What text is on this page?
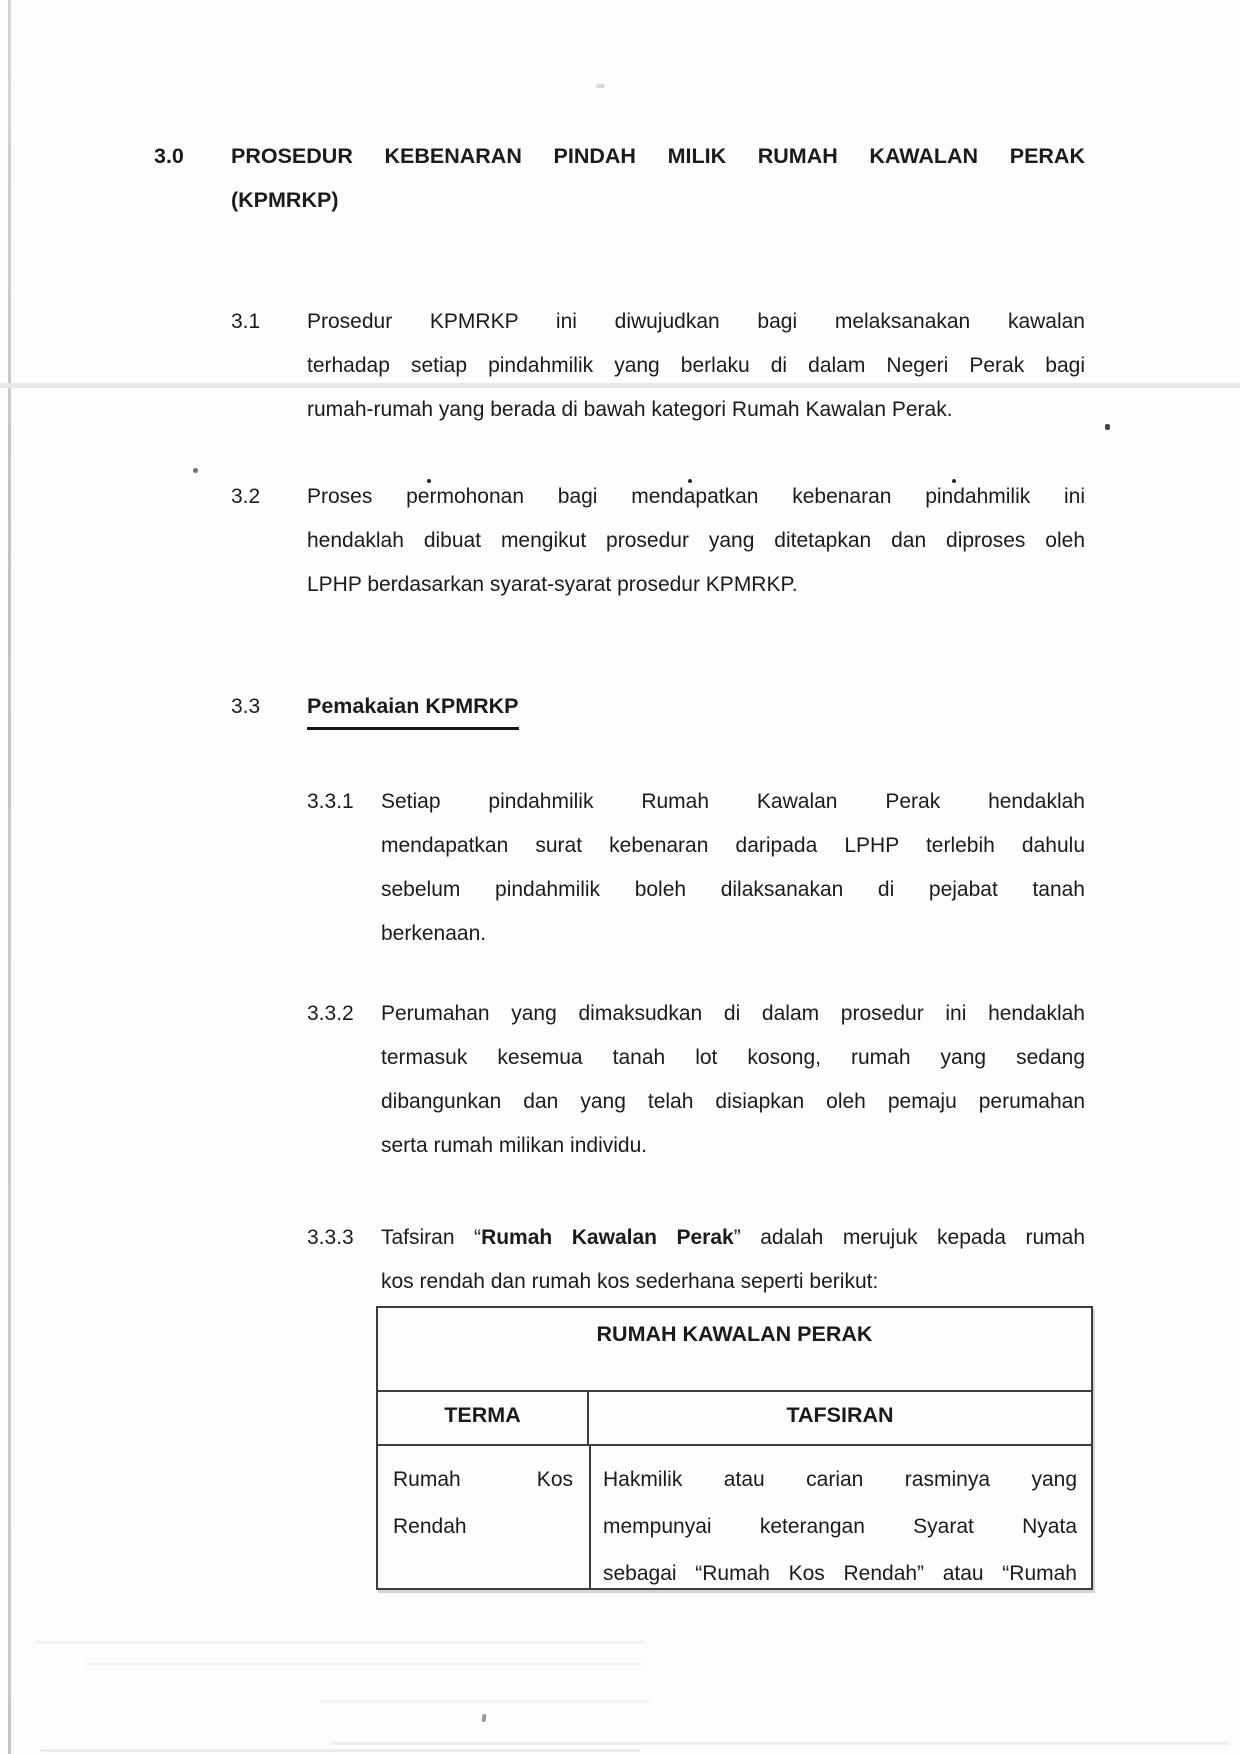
3.0 PROSEDUR KEBENARAN PINDAH MILIK RUMAH KAWALAN PERAK
(KPMRKP)
3.1 Prosedur KPMRKP ini diwujudkan bagi melaksanakan kawalan
terhadap setiap pindahmilik yang berlaku di dalam Negeri Perak bagi
rumah-rumah yang berada di bawah kategori Rumah Kawalan Perak.
3.2 Proses permohonan bagi mendapatkan kebenaran pindahmilik ini
hendaklah dibuat mengikut prosedur yang ditetapkan dan diproses oleh
LPHP berdasarkan syarat-syarat prosedur KPMRKP.
3.3 Pemakaian KPMRKP
3.3.1 Setiap pindahmilik Rumah Kawalan Perak hendaklah
mendapatkan surat kebenaran daripada LPHP terlebih dahulu
sebelum pindahmilik boleh dilaksanakan di pejabat tanah
berkenaan.
3.3.2 Perumahan yang dimaksudkan di dalam prosedur ini hendaklah
termasuk kesemua tanah lot kosong, rumah yang sedang
dibangunkan dan yang telah disiapkan oleh pemaju perumahan
serta rumah milikan individu.
3.3.3 Tafsiran “Rumah Kawalan Perak” adalah merujuk kepada rumah
kos rendah dan rumah kos sederhana seperti berikut:
RUMAH KAWALAN PERAK
TERMA	TAFSIRAN
Rumah Kos
Rendah
Hakmilik atau carian rasminya yang
mempunyai keterangan Syarat Nyata
sebagai “Rumah Kos Rendah” atau “Rumah
